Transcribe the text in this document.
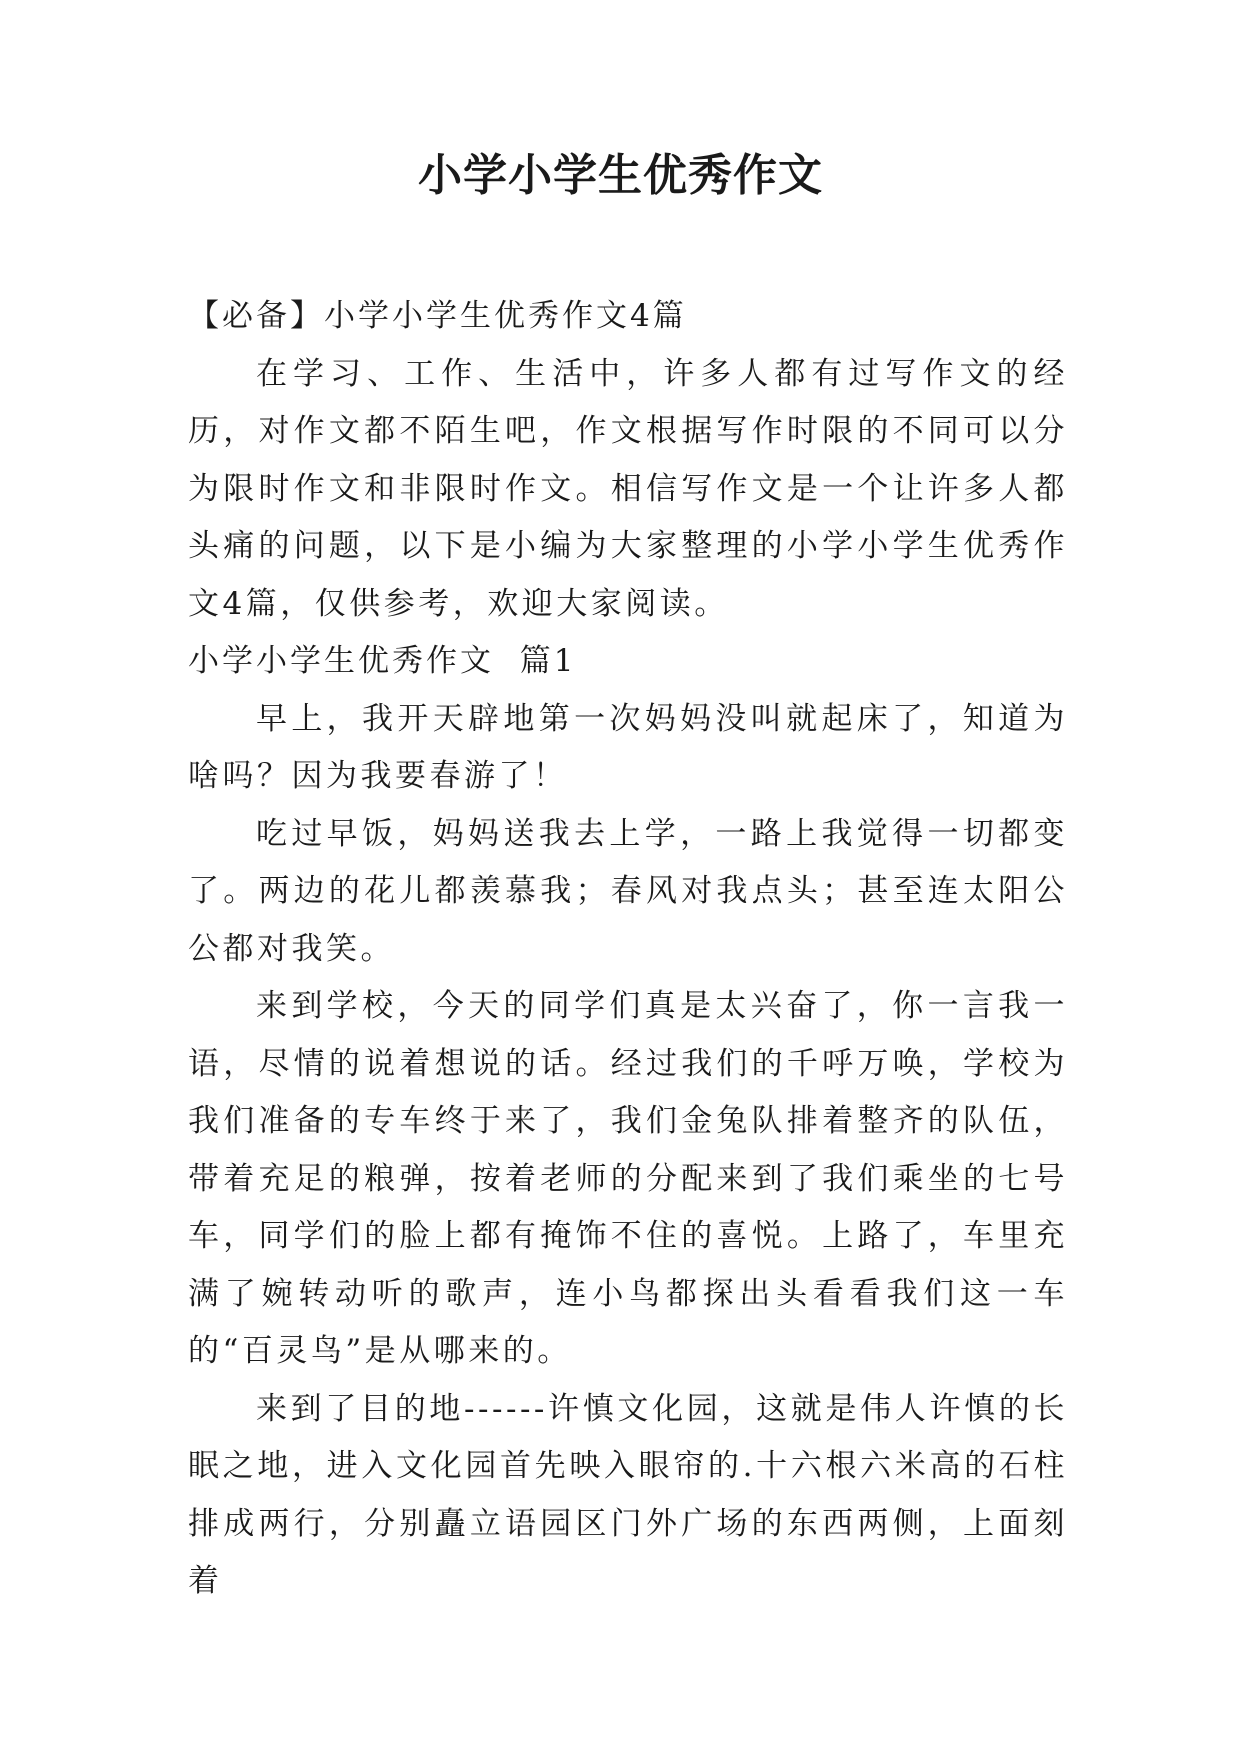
小学小学生优秀作文

【必备】小学小学生优秀作文4篇

在学习、工作、生活中，许多人都有过写作文的经历，对作文都不陌生吧，作文根据写作时限的不同可以分为限时作文和非限时作文。相信写作文是一个让许多人都头痛的问题，以下是小编为大家整理的小学小学生优秀作文4篇，仅供参考，欢迎大家阅读。

小学小学生优秀作文  篇1

早上，我开天辟地第一次妈妈没叫就起床了，知道为啥吗？因为我要春游了！

吃过早饭，妈妈送我去上学，一路上我觉得一切都变了。两边的花儿都羡慕我；春风对我点头；甚至连太阳公公都对我笑。

来到学校，今天的同学们真是太兴奋了，你一言我一语，尽情的说着想说的话。经过我们的千呼万唤，学校为我们准备的专车终于来了，我们金兔队排着整齐的队伍，带着充足的粮弹，按着老师的分配来到了我们乘坐的七号车，同学们的脸上都有掩饰不住的喜悦。上路了，车里充满了婉转动听的歌声，连小鸟都探出头看看我们这一车的“百灵鸟”是从哪来的。

来到了目的地------许慎文化园，这就是伟人许慎的长眠之地，进入文化园首先映入眼帘的.十六根六米高的石柱排成两行，分别矗立语园区门外广场的东西两侧，上面刻着
